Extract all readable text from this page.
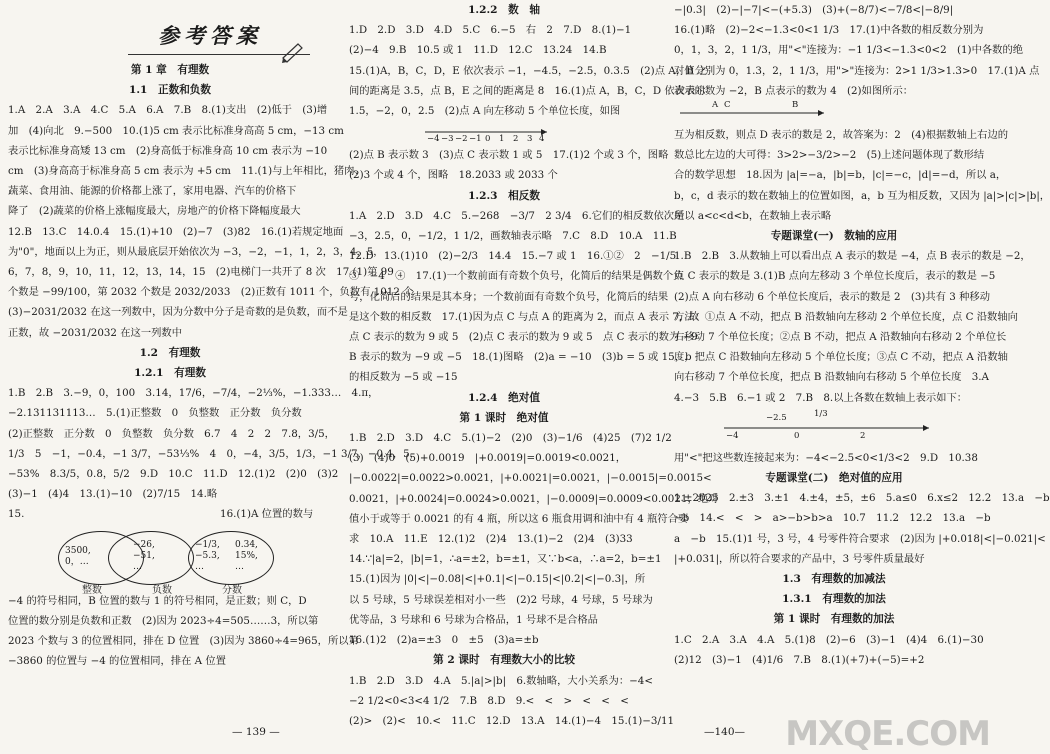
参考答案
第 1 章　有理数
1.1　正数和负数
1.A　2.A　3.A　4.C　5.A　6.A　7.B　8.(1)支出　(2)低于　(3)增
加　(4)向北　9.−500　10.(1)5 cm 表示比标准身高高 5 cm，−13 cm
表示比标准身高矮 13 cm　(2)身高低于标准身高 10 cm 表示为 −10
cm　(3)身高高于标准身高 5 cm 表示为 +5 cm　11.(1)与上年相比，猪肉、
蔬菜、食用油、能源的价格都上涨了，家用电器、汽车的价格下
降了　(2)蔬菜的价格上涨幅度最大，房地产的价格下降幅度最大
12.B　13.C　14.0.4　15.(1)+10　(2)−7　(3)82　16.(1)若规定地面
为"0"，地面以上为正，则从最底层开始依次为 −3，−2，−1，1，2，3，4，5，
6，7，8，9，10，11，12，13，14，15　(2)电梯门一共开了 8 次　17.(1)第 99
个数是 −99/100，第 2032 个数是 2032/2033　(2)正数有 1011 个，负数有 1012 个
(3)−2031/2032 在这一列数中，因为分数中分子是奇数的是负数，而不是
正数，故 −2031/2032 在这一列数中
1.2　有理数
1.2.1　有理数
1.B　2.B　3.−9，0，100　3.14，17/6，−7/4，−2⅓%，−1.333…　4.π，
−2.131131113…　5.(1)正整数　0　负整数　正分数　负分数
(2)正整数　正分数　0　负整数　负分数　6.7　4　2　2　7.8，3/5，
1/3　5　−1，−0.4，−1 3/7，−53⅓%　4　0，−4，3/5，1/3，−1 3/7，−0.4，5，
−53%　8.3/5，0.8，5/2　9.D　10.C　11.D　12.(1)2　(2)0　(3)2
(3)−1　(4)4　13.(1)−10　(2)7/15　14.略
15.　　　　　　　　　　　　　　　　　　　16.(1)A 位置的数与
3500,
0，…
−26,
−51,
…
−1/3,
−5.3,
…
0.34,
15%,
…
整数	负数	分数
−4 的符号相同，B 位置的数与 1 的符号相同，是正数；则 C，D
位置的数分别是负数和正数　(2)因为 2023÷4=505……3，所以第
2023 个数与 3 的位置相同，排在 D 位置　(3)因为 3860÷4=965，所以第
−3860 的位置与 −4 的位置相同，排在 A 位置
— 139 —
1.2.2　数　轴
1.D　2.D　3.D　4.D　5.C　6.−5　右　2　7.D　8.(1)−1
(2)−4　9.B　10.5 或 1　11.D　12.C　13.24　14.B
15.(1)A，B，C，D，E 依次表示 −1，−4.5，−2.5，0.3.5　(2)点 A，B 之
间的距离是 3.5，点 B，E 之间的距离是 8　16.(1)点 A，B，C，D 依次表示
1.5，−2，0，2.5　(2)点 A 向左移动 5 个单位长度，如图
−4 −3 −2 −1 0 1 2 3 4
(2)点 B 表示数 3　(3)点 C 表示数 1 或 5　17.(1)2 个或 3 个，图略
(2)3 个或 4 个，图略　18.2033 或 2033 个
1.2.3　相反数
1.A　2.D　3.D　4.C　5.−268　−3/7　2 3/4　6.它们的相反数依次是
−3，2.5，0，−1/2，1 1/2，画数轴表示略　7.C　8.D　10.A　11.B
12.D　13.(1)10　(2)−2/3　14.4　15.−7 或 1　16.①②　2　−1/5
③　−4　④　17.(1)一个数前面有奇数个负号，化简后的结果是偶数个负
号，化简后的结果是其本身；一个数前面有奇数个负号，化简后的结果
是这个数的相反数　17.(1)因为点 C 与点 A 的距离为 2，而点 A 表示 7，故
点 C 表示的数为 9 或 5　(2)点 C 表示的数为 9 或 5　点 C 表示的数为 −9
B 表示的数为 −9 或 −5　18.(1)图略　(2)a = −10　(3)b = 5 或 15，b
的相反数为 −5 或 −15
1.2.4　绝对值
第 1 课时　绝对值
1.B　2.D　3.D　4.C　5.(1)−2　(2)0　(3)−1/6　(4)25　(7)2 1/2
(3)　(4)0　(5)+0.0019　|+0.0019|=0.0019<0.0021，
|−0.0022|=0.0022>0.0021，|+0.0021|=0.0021，|−0.0015|=0.0015<
0.0021，|+0.0024|=0.0024>0.0021，|−0.0009|=0.0009<0.0021，绝对
值小于或等于 0.0021 的有 4 瓶，所以这 6 瓶食用调和油中有 4 瓶符合要
求　10.A　11.E　12.(1)2　(2)4　13.(1)−2　(2)4　(3)33
14.∵|a|=2，|b|=1，∴a=±2，b=±1，又∵b<a，∴a=2，b=±1
15.(1)因为 |0|<|−0.08|<|+0.1|<|−0.15|<|0.2|<|−0.3|，所
以 5 号球，5 号球误差相对小一些　(2)2 号球，4 号球，5 号球为
优等品，3 号球和 6 号球为合格品，1 号球不是合格品
16.(1)2　(2)a=±3　0　±5　(3)a=±b
第 2 课时　有理数大小的比较
1.B　2.D　3.D　4.A　5.|a|>|b|　6.数轴略，大小关系为：−4<
−2 1/2<0<3<4 1/2　7.B　8.D　9.<　<　>　<　<　<
(2)>　(2)<　10.<　11.C　12.D　13.A　14.(1)−4　15.(1)−3/11
−|0.3|　(2)−|−7|<−(+5.3)　(3)+(−8/7)<−7/8<|−8/9|
16.(1)略　(2)−2<−1.3<0<1 1/3　17.(1)中各数的相反数分别为
0，1，3，2，1 1/3，用"<"连接为：−1 1/3<−1.3<0<2　(1)中各数的绝
对值分别为 0，1.3，2，1 1/3，用">"连接为：2>1 1/3>1.3>0　17.(1)A 点
表示的数为 −2，B 点表示的数为 4　(2)如图所示：
A C	B
互为相反数，则点 D 表示的数是 2，故答案为：2　(4)根据数轴上右边的
数总比左边的大可得：3>2>−3/2>−2　(5)上述问题体现了数形结
合的数学思想　18.因为 |a|=−a，|b|=b，|c|=−c，|d|=−d，所以 a，
b，c，d 表示的数在数轴上的位置如图，a，b 互为相反数，又因为 |a|>|c|>|b|，
所以 a<c<d<b，在数轴上表示略
专题课堂(一)　数轴的应用
1.B　2.B　3.从数轴上可以看出点 A 表示的数是 −4，点 B 表示的数是 −2，
点 C 表示的数是 3.(1)B 点向左移动 3 个单位长度后，表示的数是 −5
(2)点 A 向右移动 6 个单位长度后，表示的数是 2　(3)共有 3 种移动
方法：①点 A 不动，把点 B 沿数轴向左移动 2 个单位长度，点 C 沿数轴向
右移动 7 个单位长度；②点 B 不动，把点 A 沿数轴向右移动 2 个单位长
度，把点 C 沿数轴向左移动 5 个单位长度；③点 C 不动，把点 A 沿数轴
向右移动 7 个单位长度，把点 B 沿数轴向右移动 5 个单位长度　3.A
4.−3　5.B　6.−1 或 2　7.B　8.以上各数在数轴上表示如下：
−4
−2.5
0
1/3
2
用"<"把这些数连接起来为：−4<−2.5<0<1/3<2　9.D　10.38
专题课堂(二)　绝对值的应用
1.±2025　2.±3　3.±1　4.±4，±5，±6　5.a≤0　6.x≤2　12.2　13.a　−b
−b　14.<　<　>　a>−b>b>a　10.7　11.2　12.2　13.a　−b
a　−b　15.(1)1 号，3 号，4 号零件符合要求　(2)因为 |+0.018|<|−0.021|<
|+0.031|，所以符合要求的产品中，3 号零件质量最好
1.3　有理数的加减法
1.3.1　有理数的加法
第 1 课时　有理数的加法
1.C　2.A　3.A　4.A　5.(1)8　(2)−6　(3)−1　(4)4　6.(1)−30
(2)12　(3)−1　(4)1/6　7.B　8.(1)(+7)+(−5)=+2
—140— MXQE.COM
